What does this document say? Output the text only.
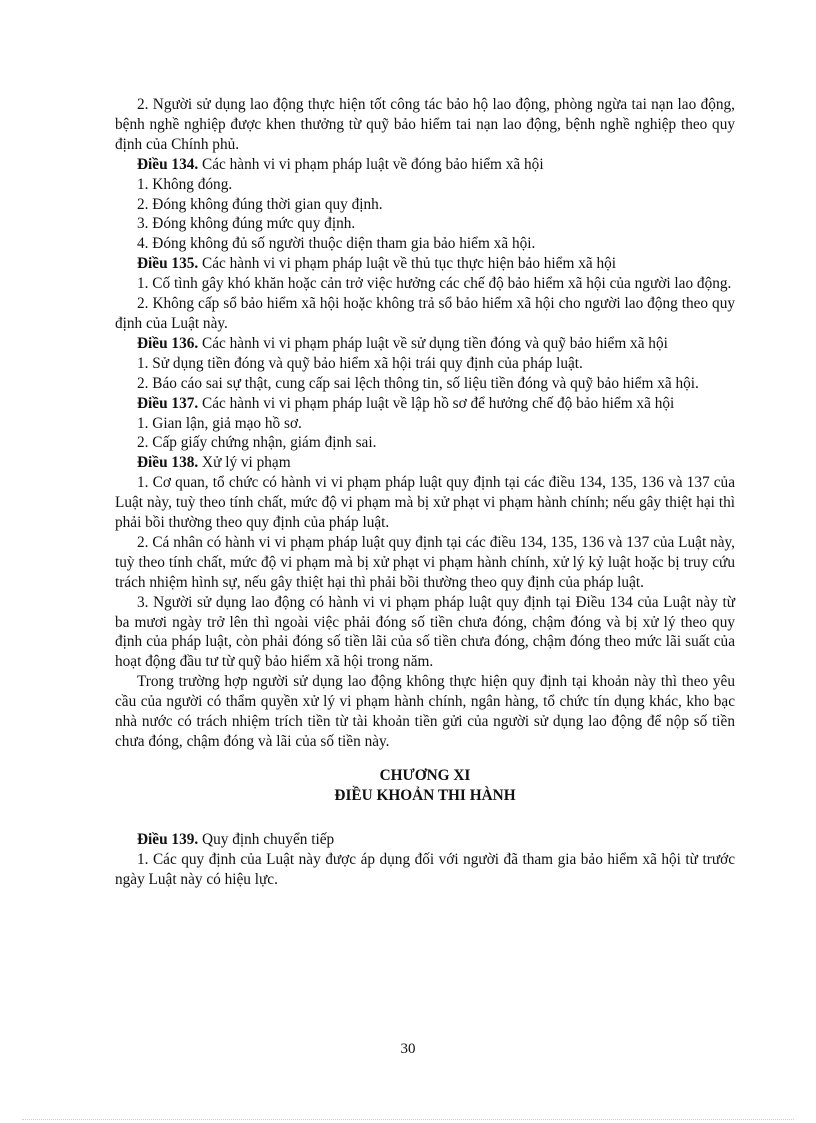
2. Người sử dụng lao động thực hiện tốt công tác bảo hộ lao động, phòng ngừa tai nạn lao động, bệnh nghề nghiệp được khen thưởng từ quỹ bảo hiểm tai nạn lao động, bệnh nghề nghiệp theo quy định của Chính phủ.

Điều 134. Các hành vi vi phạm pháp luật về đóng bảo hiểm xã hội

1. Không đóng.

2. Đóng không đúng thời gian quy định.

3. Đóng không đúng mức quy định.

4. Đóng không đủ số người thuộc diện tham gia bảo hiểm xã hội.

Điều 135. Các hành vi vi phạm pháp luật về thủ tục thực hiện bảo hiểm xã hội

1. Cố tình gây khó khăn hoặc cản trở việc hưởng các chế độ bảo hiểm xã hội của người lao động.

2. Không cấp sổ bảo hiểm xã hội hoặc không trả sổ bảo hiểm xã hội cho người lao động theo quy định của Luật này.

Điều 136. Các hành vi vi phạm pháp luật về sử dụng tiền đóng và quỹ bảo hiểm xã hội

1. Sử dụng tiền đóng và quỹ bảo hiểm xã hội trái quy định của pháp luật.

2. Báo cáo sai sự thật, cung cấp sai lệch thông tin, số liệu tiền đóng và quỹ bảo hiểm xã hội.

Điều 137. Các hành vi vi phạm pháp luật về lập hồ sơ để hưởng chế độ bảo hiểm xã hội

1. Gian lận, giả mạo hồ sơ.

2. Cấp giấy chứng nhận, giám định sai.

Điều 138. Xử lý vi phạm

1. Cơ quan, tổ chức có hành vi vi phạm pháp luật quy định tại các điều 134, 135, 136 và 137 của Luật này, tuỳ theo tính chất, mức độ vi phạm mà bị xử phạt vi phạm hành chính; nếu gây thiệt hại thì phải bồi thường theo quy định của pháp luật.

2. Cá nhân có hành vi vi phạm pháp luật quy định tại các điều 134, 135, 136 và 137 của Luật này, tuỳ theo tính chất, mức độ vi phạm mà bị xử phạt vi phạm hành chính, xử lý kỷ luật hoặc bị truy cứu trách nhiệm hình sự, nếu gây thiệt hại thì phải bồi thường theo quy định của pháp luật.

3. Người sử dụng lao động có hành vi vi phạm pháp luật quy định tại Điều 134 của Luật này từ ba mươi ngày trở lên thì ngoài việc phải đóng số tiền chưa đóng, chậm đóng và bị xử lý theo quy định của pháp luật, còn phải đóng số tiền lãi của số tiền chưa đóng, chậm đóng theo mức lãi suất của hoạt động đầu tư từ quỹ bảo hiểm xã hội trong năm.

Trong trường hợp người sử dụng lao động không thực hiện quy định tại khoản này thì theo yêu cầu của người có thẩm quyền xử lý vi phạm hành chính, ngân hàng, tổ chức tín dụng khác, kho bạc nhà nước có trách nhiệm trích tiền từ tài khoản tiền gửi của người sử dụng lao động để nộp số tiền chưa đóng, chậm đóng và lãi của số tiền này.

CHƯƠNG XI

ĐIỀU KHOẢN THI HÀNH

Điều 139. Quy định chuyển tiếp

1. Các quy định của Luật này được áp dụng đối với người đã tham gia bảo hiểm xã hội từ trước ngày Luật này có hiệu lực.

30
